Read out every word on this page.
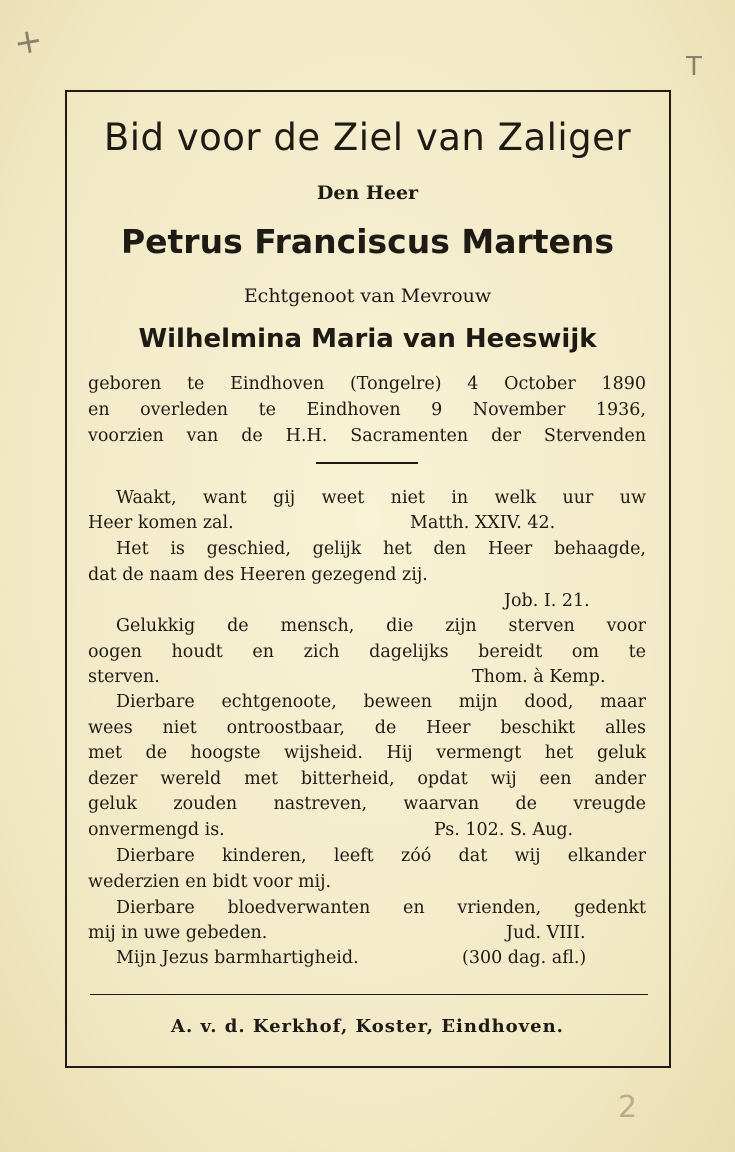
+
T
2
Bid voor de Ziel van Zaliger
Den Heer
Petrus Franciscus Martens
Echtgenoot van Mevrouw
Wilhelmina Maria van Heeswijk
geboren te Eindhoven (Tongelre) 4 October 1890
en overleden te Eindhoven 9 November 1936,
voorzien van de H.H. Sacramenten der Stervenden
Waakt, want gij weet niet in welk uur uw
Heer komen zal.	Matth. XXIV. 42.
Het is geschied, gelijk het den Heer behaagde,
dat de naam des Heeren gezegend zij.
Job. I. 21.
Gelukkig de mensch, die zijn sterven voor
oogen houdt en zich dagelijks bereidt om te
sterven.	Thom. à Kemp.
Dierbare echtgenoote, beween mijn dood, maar
wees niet ontroostbaar, de Heer beschikt alles
met de hoogste wijsheid. Hij vermengt het geluk
dezer wereld met bitterheid, opdat wij een ander
geluk zouden nastreven, waarvan de vreugde
onvermengd is.	Ps. 102. S. Aug.
Dierbare kinderen, leeft zóó dat wij elkander
wederzien en bidt voor mij.
Dierbare bloedverwanten en vrienden, gedenkt
mij in uwe gebeden.	Jud. VIII.
Mijn Jezus barmhartigheid.	(300 dag. afl.)
A. v. d. Kerkhof, Koster, Eindhoven.
